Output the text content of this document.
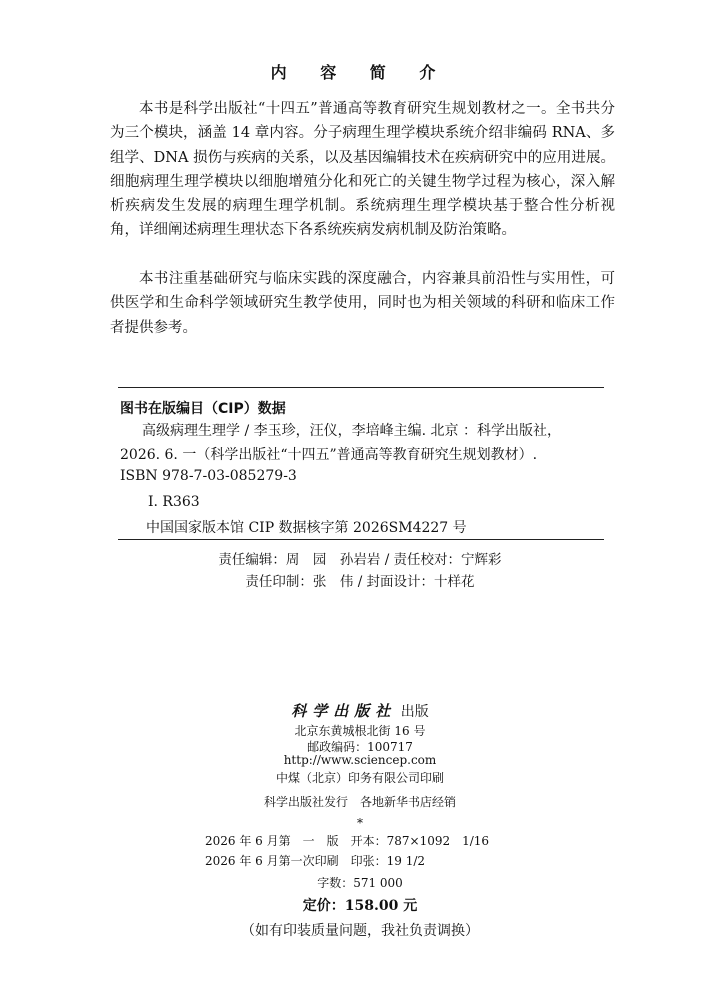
内 容 简 介

本书是科学出版社“十四五”普通高等教育研究生规划教材之一。全书共分为三个模块，涵盖 14 章内容。分子病理生理学模块系统介绍非编码 RNA、多组学、DNA 损伤与疾病的关系，以及基因编辑技术在疾病研究中的应用进展。细胞病理生理学模块以细胞增殖分化和死亡的关键生物学过程为核心，深入解析疾病发生发展的病理生理学机制。系统病理生理学模块基于整合性分析视角，详细阐述病理生理状态下各系统疾病发病机制及防治策略。

本书注重基础研究与临床实践的深度融合，内容兼具前沿性与实用性，可供医学和生命科学领域研究生教学使用，同时也为相关领域的科研和临床工作者提供参考。

图书在版编目（CIP）数据
高级病理生理学 / 李玉珍，汪仪，李培峰主编. 北京 ：科学出版社，
2026. 6. 一（科学出版社“十四五”普通高等教育研究生规划教材）.
ISBN 978-7-03-085279-3
Ⅰ. R363
中国国家版本馆 CIP 数据核字第 2026SM4227 号
责任编辑：周　园　孙岩岩 / 责任校对：宁辉彩
责任印制：张　伟 / 封面设计：十样花
科学出版社 出版
北京东黄城根北街 16 号
邮政编码：100717
http://www.sciencep.com
中煤（北京）印务有限公司印刷
科学出版社发行　各地新华书店经销
*
2026 年 6 月第　一　版　开本：787×1092　1/16
2026 年 6 月第一次印刷　印张：19 1/2
字数：571 000
定价：158.00 元
（如有印装质量问题，我社负责调换）
